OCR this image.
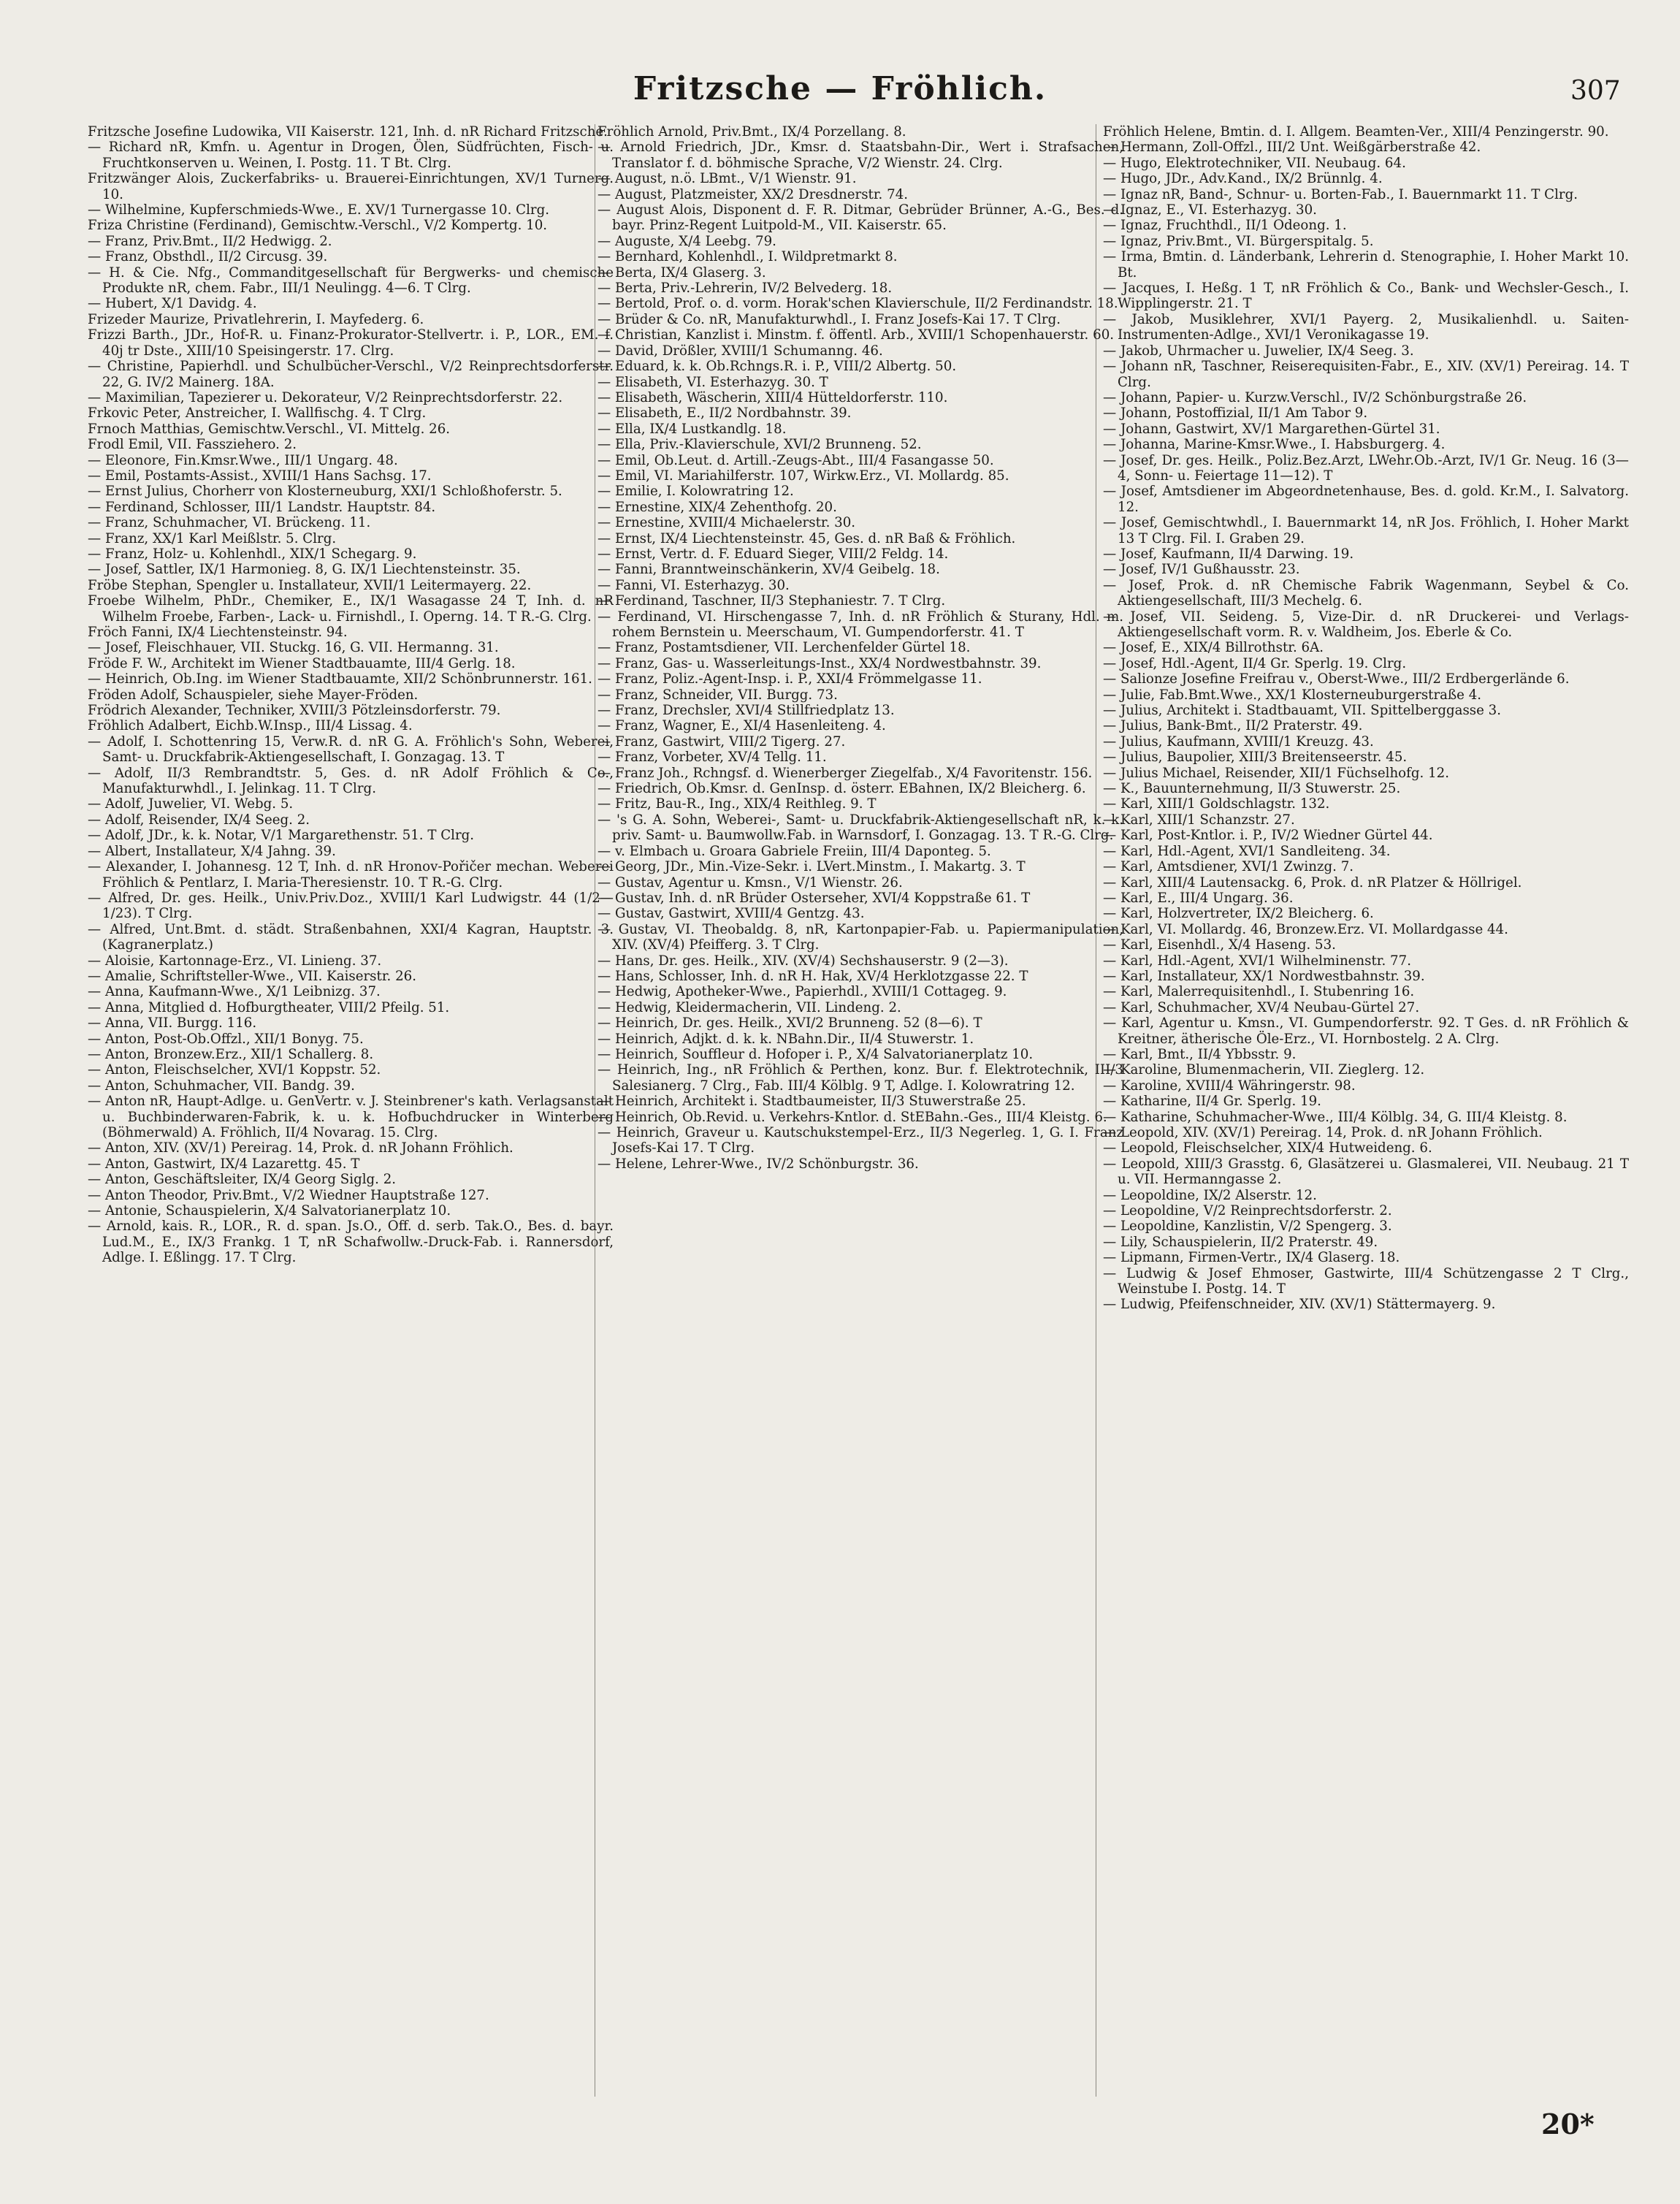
Fritzsche — Fröhlich.	307

Fritzsche Josefine Ludowika, VII Kaiserstr. 121, Inh. d. nR Richard Fritzsche.

— Richard nR, Kmfn. u. Agentur in Drogen, Ölen, Südfrüchten, Fisch- u. Fruchtkonserven u. Weinen, I. Postg. 11. T Bt. Clrg.

Fritzwänger Alois, Zuckerfabriks- u. Brauerei-Einrichtungen, XV/1 Turnerg. 10.

— Wilhelmine, Kupferschmieds-Wwe., E. XV/1 Turnergasse 10. Clrg.

Friza Christine (Ferdinand), Gemischtw.-Verschl., V/2 Kompertg. 10.

— Franz, Priv.Bmt., II/2 Hedwigg. 2.

— Franz, Obsthdl., II/2 Circusg. 39.

— H. & Cie. Nfg., Commanditgesellschaft für Bergwerks- und chemische Produkte nR, chem. Fabr., III/1 Neulingg. 4—6. T Clrg.

— Hubert, X/1 Davidg. 4.

Frizeder Maurize, Privatlehrerin, I. Mayfederg. 6.

Frizzi Barth., JDr., Hof-R. u. Finanz-Prokurator-Stellvertr. i. P., LOR., EM. f. 40j tr Dste., XIII/10 Speisingerstr. 17. Clrg.

— Christine, Papierhdl. und Schulbücher-Verschl., V/2 Reinprechtsdorferstr. 22, G. IV/2 Mainerg. 18A.

— Maximilian, Tapezierer u. Dekorateur, V/2 Reinprechtsdorferstr. 22.

Frkovic Peter, Anstreicher, I. Wallfischg. 4. T Clrg.

Frnoch Matthias, Gemischtw.Verschl., VI. Mittelg. 26.

Frodl Emil, VII. Fassziehero. 2.

— Eleonore, Fin.Kmsr.Wwe., III/1 Ungarg. 48.

— Emil, Postamts-Assist., XVIII/1 Hans Sachsg. 17.

— Ernst Julius, Chorherr von Klosterneuburg, XXI/1 Schloßhoferstr. 5.

— Ferdinand, Schlosser, III/1 Landstr. Hauptstr. 84.

— Franz, Schuhmacher, VI. Brückeng. 11.

— Franz, XX/1 Karl Meißlstr. 5. Clrg.

— Franz, Holz- u. Kohlenhdl., XIX/1 Schegarg. 9.

— Josef, Sattler, IX/1 Harmonieg. 8, G. IX/1 Liechtensteinstr. 35.

Fröbe Stephan, Spengler u. Installateur, XVII/1 Leitermayerg. 22.

Froebe Wilhelm, PhDr., Chemiker, E., IX/1 Wasagasse 24 T, Inh. d. nR Wilhelm Froebe, Farben-, Lack- u. Firnishdl., I. Operng. 14. T R.-G. Clrg.

Fröch Fanni, IX/4 Liechtensteinstr. 94.

— Josef, Fleischhauer, VII. Stuckg. 16, G. VII. Hermanng. 31.

Fröde F. W., Architekt im Wiener Stadtbauamte, III/4 Gerlg. 18.

— Heinrich, Ob.Ing. im Wiener Stadtbauamte, XII/2 Schönbrunnerstr. 161.

Fröden Adolf, Schauspieler, siehe Mayer-Fröden.

Frödrich Alexander, Techniker, XVIII/3 Pötzleinsdorferstr. 79.

Fröhlich Adalbert, Eichb.W.Insp., III/4 Lissag. 4.

— Adolf, I. Schottenring 15, Verw.R. d. nR G. A. Fröhlich's Sohn, Weberei, Samt- u. Druckfabrik-Aktiengesellschaft, I. Gonzagag. 13. T

— Adolf, II/3 Rembrandtstr. 5, Ges. d. nR Adolf Fröhlich & Co., Manufakturwhdl., I. Jelinkag. 11. T Clrg.

— Adolf, Juwelier, VI. Webg. 5.

— Adolf, Reisender, IX/4 Seeg. 2.

— Adolf, JDr., k. k. Notar, V/1 Margarethenstr. 51. T Clrg.

— Albert, Installateur, X/4 Jahng. 39.

— Alexander, I. Johannesg. 12 T, Inh. d. nR Hronov-Pořičer mechan. Weberei Fröhlich & Pentlarz, I. Maria-Theresienstr. 10. T R.-G. Clrg.

— Alfred, Dr. ges. Heilk., Univ.Priv.Doz., XVIII/1 Karl Ludwigstr. 44 (1/2—1/23). T Clrg.

— Alfred, Unt.Bmt. d. städt. Straßenbahnen, XXI/4 Kagran, Hauptstr. 3. (Kagranerplatz.)

— Aloisie, Kartonnage-Erz., VI. Linieng. 37.

— Amalie, Schriftsteller-Wwe., VII. Kaiserstr. 26.

— Anna, Kaufmann-Wwe., X/1 Leibnizg. 37.

— Anna, Mitglied d. Hofburgtheater, VIII/2 Pfeilg. 51.

— Anna, VII. Burgg. 116.

— Anton, Post-Ob.Offzl., XII/1 Bonyg. 75.

— Anton, Bronzew.Erz., XII/1 Schallerg. 8.

— Anton, Fleischselcher, XVI/1 Koppstr. 52.

— Anton, Schuhmacher, VII. Bandg. 39.

— Anton nR, Haupt-Adlge. u. GenVertr. v. J. Steinbrener's kath. Verlagsanstalt u. Buchbinderwaren-Fabrik, k. u. k. Hofbuchdrucker in Winterberg (Böhmerwald) A. Fröhlich, II/4 Novarag. 15. Clrg.

— Anton, XIV. (XV/1) Pereirag. 14, Prok. d. nR Johann Fröhlich.

— Anton, Gastwirt, IX/4 Lazarettg. 45. T

— Anton, Geschäftsleiter, IX/4 Georg Siglg. 2.

— Anton Theodor, Priv.Bmt., V/2 Wiedner Hauptstraße 127.

— Antonie, Schauspielerin, X/4 Salvatorianerplatz 10.

— Arnold, kais. R., LOR., R. d. span. Js.O., Off. d. serb. Tak.O., Bes. d. bayr. Lud.M., E., IX/3 Frankg. 1 T, nR Schafwollw.-Druck-Fab. i. Rannersdorf, Adlge. I. Eßlingg. 17. T Clrg.

Fröhlich Arnold, Priv.Bmt., IX/4 Porzellang. 8.

— Arnold Friedrich, JDr., Kmsr. d. Staatsbahn-Dir., Wert i. Strafsachen, Translator f. d. böhmische Sprache, V/2 Wienstr. 24. Clrg.

— August, n.ö. LBmt., V/1 Wienstr. 91.

— August, Platzmeister, XX/2 Dresdnerstr. 74.

— August Alois, Disponent d. F. R. Ditmar, Gebrüder Brünner, A.-G., Bes. d. bayr. Prinz-Regent Luitpold-M., VII. Kaiserstr. 65.

— Auguste, X/4 Leebg. 79.

— Bernhard, Kohlenhdl., I. Wildpretmarkt 8.

— Berta, IX/4 Glaserg. 3.

— Berta, Priv.-Lehrerin, IV/2 Belvederg. 18.

— Bertold, Prof. o. d. vorm. Horak'schen Klavierschule, II/2 Ferdinandstr. 18.

— Brüder & Co. nR, Manufakturwhdl., I. Franz Josefs-Kai 17. T Clrg.

— Christian, Kanzlist i. Minstm. f. öffentl. Arb., XVIII/1 Schopenhauerstr. 60.

— David, Drößler, XVIII/1 Schumanng. 46.

— Eduard, k. k. Ob.Rchngs.R. i. P., VIII/2 Albertg. 50.

— Elisabeth, VI. Esterhazyg. 30. T

— Elisabeth, Wäscherin, XIII/4 Hütteldorferstr. 110.

— Elisabeth, E., II/2 Nordbahnstr. 39.

— Ella, IX/4 Lustkandlg. 18.

— Ella, Priv.-Klavierschule, XVI/2 Brunneng. 52.

— Emil, Ob.Leut. d. Artill.-Zeugs-Abt., III/4 Fasangasse 50.

— Emil, VI. Mariahilferstr. 107, Wirkw.Erz., VI. Mollardg. 85.

— Emilie, I. Kolowratring 12.

— Ernestine, XIX/4 Zehenthofg. 20.

— Ernestine, XVIII/4 Michaelerstr. 30.

— Ernst, IX/4 Liechtensteinstr. 45, Ges. d. nR Baß & Fröhlich.

— Ernst, Vertr. d. F. Eduard Sieger, VIII/2 Feldg. 14.

— Fanni, Branntweinschänkerin, XV/4 Geibelg. 18.

— Fanni, VI. Esterhazyg. 30.

— Ferdinand, Taschner, II/3 Stephaniestr. 7. T Clrg.

— Ferdinand, VI. Hirschengasse 7, Inh. d. nR Fröhlich & Sturany, Hdl. m. rohem Bernstein u. Meerschaum, VI. Gumpendorferstr. 41. T

— Franz, Postamtsdiener, VII. Lerchenfelder Gürtel 18.

— Franz, Gas- u. Wasserleitungs-Inst., XX/4 Nordwestbahnstr. 39.

— Franz, Poliz.-Agent-Insp. i. P., XXI/4 Frömmelgasse 11.

— Franz, Schneider, VII. Burgg. 73.

— Franz, Drechsler, XVI/4 Stillfriedplatz 13.

— Franz, Wagner, E., XI/4 Hasenleiteng. 4.

— Franz, Gastwirt, VIII/2 Tigerg. 27.

— Franz, Vorbeter, XV/4 Tellg. 11.

— Franz Joh., Rchngsf. d. Wienerberger Ziegelfab., X/4 Favoritenstr. 156.

— Friedrich, Ob.Kmsr. d. GenInsp. d. österr. EBahnen, IX/2 Bleicherg. 6.

— Fritz, Bau-R., Ing., XIX/4 Reithleg. 9. T

— 's G. A. Sohn, Weberei-, Samt- u. Druckfabrik-Aktiengesellschaft nR, k. k. priv. Samt- u. Baumwollw.Fab. in Warnsdorf, I. Gonzagag. 13. T R.-G. Clrg.

— v. Elmbach u. Groara Gabriele Freiin, III/4 Daponteg. 5.

— Georg, JDr., Min.-Vize-Sekr. i. LVert.Minstm., I. Makartg. 3. T

— Gustav, Agentur u. Kmsn., V/1 Wienstr. 26.

— Gustav, Inh. d. nR Brüder Osterseher, XVI/4 Koppstraße 61. T

— Gustav, Gastwirt, XVIII/4 Gentzg. 43.

— Gustav, VI. Theobaldg. 8, nR, Kartonpapier-Fab. u. Papiermanipulation, XIV. (XV/4) Pfeifferg. 3. T Clrg.

— Hans, Dr. ges. Heilk., XIV. (XV/4) Sechshauserstr. 9 (2—3).

— Hans, Schlosser, Inh. d. nR H. Hak, XV/4 Herklotzgasse 22. T

— Hedwig, Apotheker-Wwe., Papierhdl., XVIII/1 Cottageg. 9.

— Hedwig, Kleidermacherin, VII. Lindeng. 2.

— Heinrich, Dr. ges. Heilk., XVI/2 Brunneng. 52 (8—6). T

— Heinrich, Adjkt. d. k. k. NBahn.Dir., II/4 Stuwerstr. 1.

— Heinrich, Souffleur d. Hofoper i. P., X/4 Salvatorianerplatz 10.

— Heinrich, Ing., nR Fröhlich & Perthen, konz. Bur. f. Elektrotechnik, III/3 Salesianerg. 7 Clrg., Fab. III/4 Kölblg. 9 T, Adlge. I. Kolowratring 12.

— Heinrich, Architekt i. Stadtbaumeister, II/3 Stuwerstraße 25.

— Heinrich, Ob.Revid. u. Verkehrs-Kntlor. d. StEBahn.-Ges., III/4 Kleistg. 6.

— Heinrich, Graveur u. Kautschukstempel-Erz., II/3 Negerleg. 1, G. I. Franz Josefs-Kai 17. T Clrg.

— Helene, Lehrer-Wwe., IV/2 Schönburgstr. 36.

Fröhlich Helene, Bmtin. d. I. Allgem. Beamten-Ver., XIII/4 Penzingerstr. 90.

— Hermann, Zoll-Offzl., III/2 Unt. Weißgärberstraße 42.

— Hugo, Elektrotechniker, VII. Neubaug. 64.

— Hugo, JDr., Adv.Kand., IX/2 Brünnlg. 4.

— Ignaz nR, Band-, Schnur- u. Borten-Fab., I. Bauernmarkt 11. T Clrg.

— Ignaz, E., VI. Esterhazyg. 30.

— Ignaz, Fruchthdl., II/1 Odeong. 1.

— Ignaz, Priv.Bmt., VI. Bürgerspitalg. 5.

— Irma, Bmtin. d. Länderbank, Lehrerin d. Stenographie, I. Hoher Markt 10. Bt.

— Jacques, I. Heßg. 1 T, nR Fröhlich & Co., Bank- und Wechsler-Gesch., I. Wipplingerstr. 21. T

— Jakob, Musiklehrer, XVI/1 Payerg. 2, Musikalienhdl. u. Saiten-Instrumenten-Adlge., XVI/1 Veronikagasse 19.

— Jakob, Uhrmacher u. Juwelier, IX/4 Seeg. 3.

— Johann nR, Taschner, Reiserequisiten-Fabr., E., XIV. (XV/1) Pereirag. 14. T Clrg.

— Johann, Papier- u. Kurzw.Verschl., IV/2 Schönburgstraße 26.

— Johann, Postoffizial, II/1 Am Tabor 9.

— Johann, Gastwirt, XV/1 Margarethen-Gürtel 31.

— Johanna, Marine-Kmsr.Wwe., I. Habsburgerg. 4.

— Josef, Dr. ges. Heilk., Poliz.Bez.Arzt, LWehr.Ob.-Arzt, IV/1 Gr. Neug. 16 (3—4, Sonn- u. Feiertage 11—12). T

— Josef, Amtsdiener im Abgeordnetenhause, Bes. d. gold. Kr.M., I. Salvatorg. 12.

— Josef, Gemischtwhdl., I. Bauernmarkt 14, nR Jos. Fröhlich, I. Hoher Markt 13 T Clrg. Fil. I. Graben 29.

— Josef, Kaufmann, II/4 Darwing. 19.

— Josef, IV/1 Gußhausstr. 23.

— Josef, Prok. d. nR Chemische Fabrik Wagenmann, Seybel & Co. Aktiengesellschaft, III/3 Mechelg. 6.

— Josef, VII. Seideng. 5, Vize-Dir. d. nR Druckerei- und Verlags-Aktiengesellschaft vorm. R. v. Waldheim, Jos. Eberle & Co.

— Josef, E., XIX/4 Billrothstr. 6A.

— Josef, Hdl.-Agent, II/4 Gr. Sperlg. 19. Clrg.

— Salionze Josefine Freifrau v., Oberst-Wwe., III/2 Erdbergerlände 6.

— Julie, Fab.Bmt.Wwe., XX/1 Klosterneuburgerstraße 4.

— Julius, Architekt i. Stadtbauamt, VII. Spittelberggasse 3.

— Julius, Bank-Bmt., II/2 Praterstr. 49.

— Julius, Kaufmann, XVIII/1 Kreuzg. 43.

— Julius, Baupolier, XIII/3 Breitenseerstr. 45.

— Julius Michael, Reisender, XII/1 Füchselhofg. 12.

— K., Bauunternehmung, II/3 Stuwerstr. 25.

— Karl, XIII/1 Goldschlagstr. 132.

— Karl, XIII/1 Schanzstr. 27.

— Karl, Post-Kntlor. i. P., IV/2 Wiedner Gürtel 44.

— Karl, Hdl.-Agent, XVI/1 Sandleiteng. 34.

— Karl, Amtsdiener, XVI/1 Zwinzg. 7.

— Karl, XIII/4 Lautensackg. 6, Prok. d. nR Platzer & Höllrigel.

— Karl, E., III/4 Ungarg. 36.

— Karl, Holzvertreter, IX/2 Bleicherg. 6.

— Karl, VI. Mollardg. 46, Bronzew.Erz. VI. Mollardgasse 44.

— Karl, Eisenhdl., X/4 Haseng. 53.

— Karl, Hdl.-Agent, XVI/1 Wilhelminenstr. 77.

— Karl, Installateur, XX/1 Nordwestbahnstr. 39.

— Karl, Malerrequisitenhdl., I. Stubenring 16.

— Karl, Schuhmacher, XV/4 Neubau-Gürtel 27.

— Karl, Agentur u. Kmsn., VI. Gumpendorferstr. 92. T Ges. d. nR Fröhlich & Kreitner, ätherische Öle-Erz., VI. Hornbostelg. 2 A. Clrg.

— Karl, Bmt., II/4 Ybbsstr. 9.

— Karoline, Blumenmacherin, VII. Zieglerg. 12.

— Karoline, XVIII/4 Währingerstr. 98.

— Katharine, II/4 Gr. Sperlg. 19.

— Katharine, Schuhmacher-Wwe., III/4 Kölblg. 34, G. III/4 Kleistg. 8.

— Leopold, XIV. (XV/1) Pereirag. 14, Prok. d. nR Johann Fröhlich.

— Leopold, Fleischselcher, XIX/4 Hutweideng. 6.

— Leopold, XIII/3 Grasstg. 6, Glasätzerei u. Glasmalerei, VII. Neubaug. 21 T u. VII. Hermanngasse 2.

— Leopoldine, IX/2 Alserstr. 12.

— Leopoldine, V/2 Reinprechtsdorferstr. 2.

— Leopoldine, Kanzlistin, V/2 Spengerg. 3.

— Lily, Schauspielerin, II/2 Praterstr. 49.

— Lipmann, Firmen-Vertr., IX/4 Glaserg. 18.

— Ludwig & Josef Ehmoser, Gastwirte, III/4 Schützengasse 2 T Clrg., Weinstube I. Postg. 14. T

— Ludwig, Pfeifenschneider, XIV. (XV/1) Stättermayerg. 9.

20*
